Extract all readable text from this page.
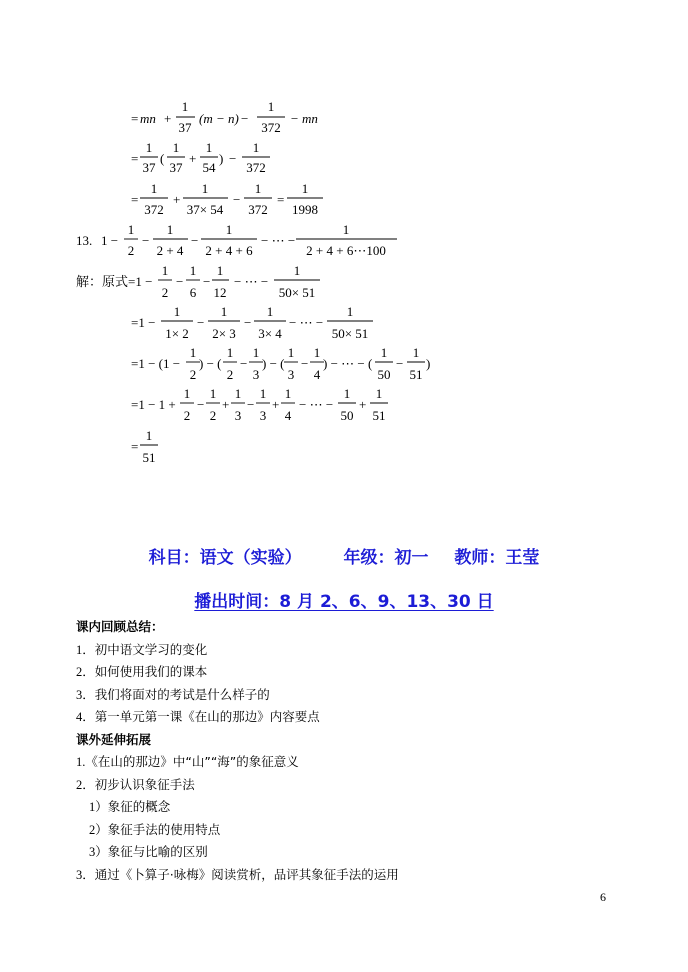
= mn +
1
37
(m − n) −
1
372
− mn
=
1
37
(
1
37
+
1
54
) −
1
372
=
1
372
+
1
37× 54
−
1
372
=
1
1998
13. 1 −
1
2
−
1
2 + 4
−
1
2 + 4 + 6
− ⋯ −
1
2 + 4 + 6⋯100
解：原式=1 −
1
2
−
1
6
−
1
12
− ⋯ −
1
50× 51
=1 −
1
1× 2
−
1
2× 3
−
1
3× 4
− ⋯ −
1
50× 51
=1 − (1 −
1
2
) − (
1
2
−
1
3
) − (
1
3
−
1
4
) − ⋯ − (
1
50
−
1
51
)
=1 − 1 +
1
2
−
1
2
+
1
3
−
1
3
+
1
4
− ⋯ −
1
50
+
1
51
=
1
51
科目：语文（实验） 年级：初一 教师：王莹
播出时间：8 月 2、6、9、13、30 日
课内回顾总结：
1．初中语文学习的变化
2．如何使用我们的课本
3．我们将面对的考试是什么样子的
4．第一单元第一课《在山的那边》内容要点
课外延伸拓展
1.《在山的那边》中“山”“海”的象征意义
2．初步认识象征手法
1）象征的概念
2）象征手法的使用特点
3）象征与比喻的区别
3．通过《卜算子·咏梅》阅读赏析，品评其象征手法的运用
6
